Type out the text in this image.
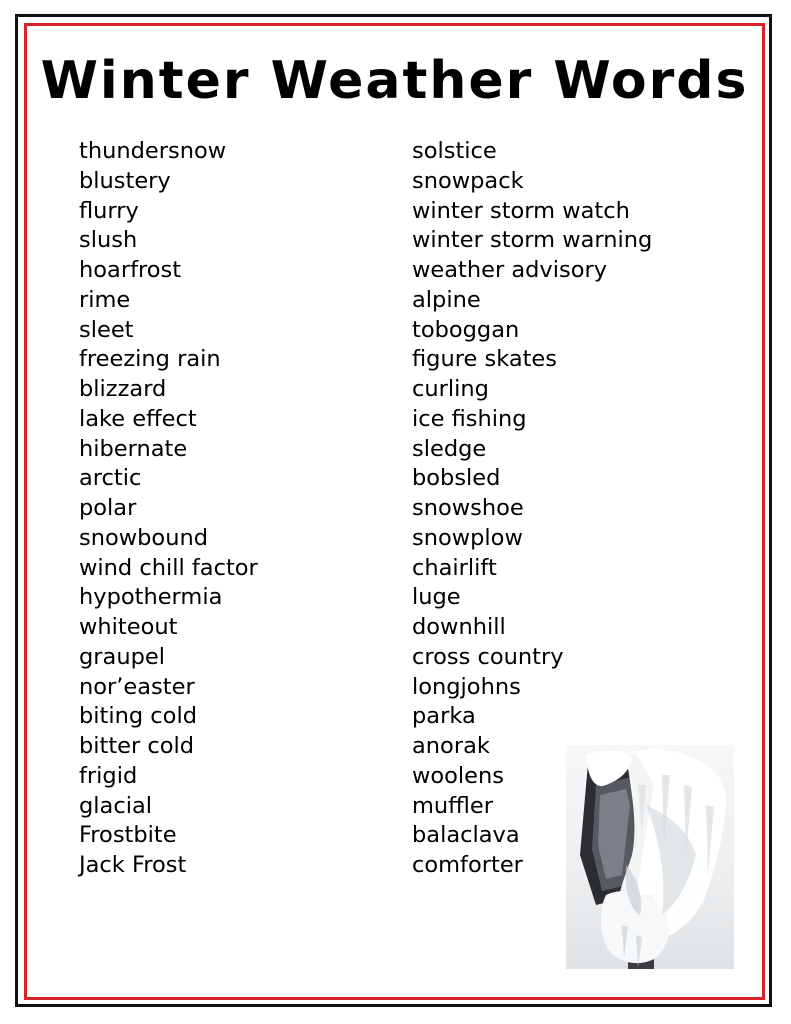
Winter Weather Words
thundersnow
blustery
flurry
slush
hoarfrost
rime
sleet
freezing rain
blizzard
lake effect
hibernate
arctic
polar
snowbound
wind chill factor
hypothermia
whiteout
graupel
nor’easter
biting cold
bitter cold
frigid
glacial
Frostbite
Jack Frost
solstice
snowpack
winter storm watch
winter storm warning
weather advisory
alpine
toboggan
figure skates
curling
ice fishing
sledge
bobsled
snowshoe
snowplow
chairlift
luge
downhill
cross country
longjohns
parka
anorak
woolens
muffler
balaclava
comforter
